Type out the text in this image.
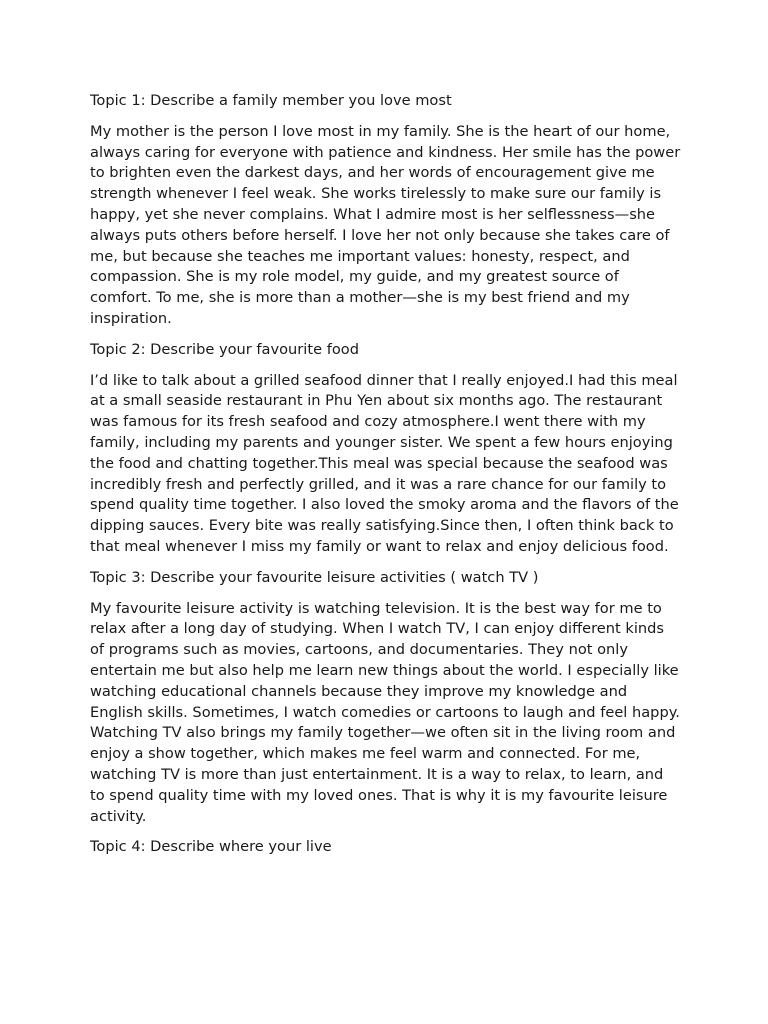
Topic 1: Describe a family member you love most

My mother is the person I love most in my family. She is the heart of our home, always caring for everyone with patience and kindness. Her smile has the power to brighten even the darkest days, and her words of encouragement give me strength whenever I feel weak. She works tirelessly to make sure our family is happy, yet she never complains. What I admire most is her selflessness—she always puts others before herself. I love her not only because she takes care of me, but because she teaches me important values: honesty, respect, and compassion. She is my role model, my guide, and my greatest source of comfort. To me, she is more than a mother—she is my best friend and my inspiration.

Topic 2: Describe your favourite food

I’d like to talk about a grilled seafood dinner that I really enjoyed.I had this meal at a small seaside restaurant in Phu Yen about six months ago. The restaurant was famous for its fresh seafood and cozy atmosphere.I went there with my family, including my parents and younger sister. We spent a few hours enjoying the food and chatting together.This meal was special because the seafood was incredibly fresh and perfectly grilled, and it was a rare chance for our family to spend quality time together. I also loved the smoky aroma and the flavors of the dipping sauces. Every bite was really satisfying.Since then, I often think back to that meal whenever I miss my family or want to relax and enjoy delicious food.

Topic 3: Describe your favourite leisure activities ( watch TV )

My favourite leisure activity is watching television. It is the best way for me to relax after a long day of studying. When I watch TV, I can enjoy different kinds of programs such as movies, cartoons, and documentaries. They not only entertain me but also help me learn new things about the world. I especially like watching educational channels because they improve my knowledge and English skills. Sometimes, I watch comedies or cartoons to laugh and feel happy. Watching TV also brings my family together—we often sit in the living room and enjoy a show together, which makes me feel warm and connected. For me, watching TV is more than just entertainment. It is a way to relax, to learn, and to spend quality time with my loved ones. That is why it is my favourite leisure activity.

Topic 4: Describe where your live
